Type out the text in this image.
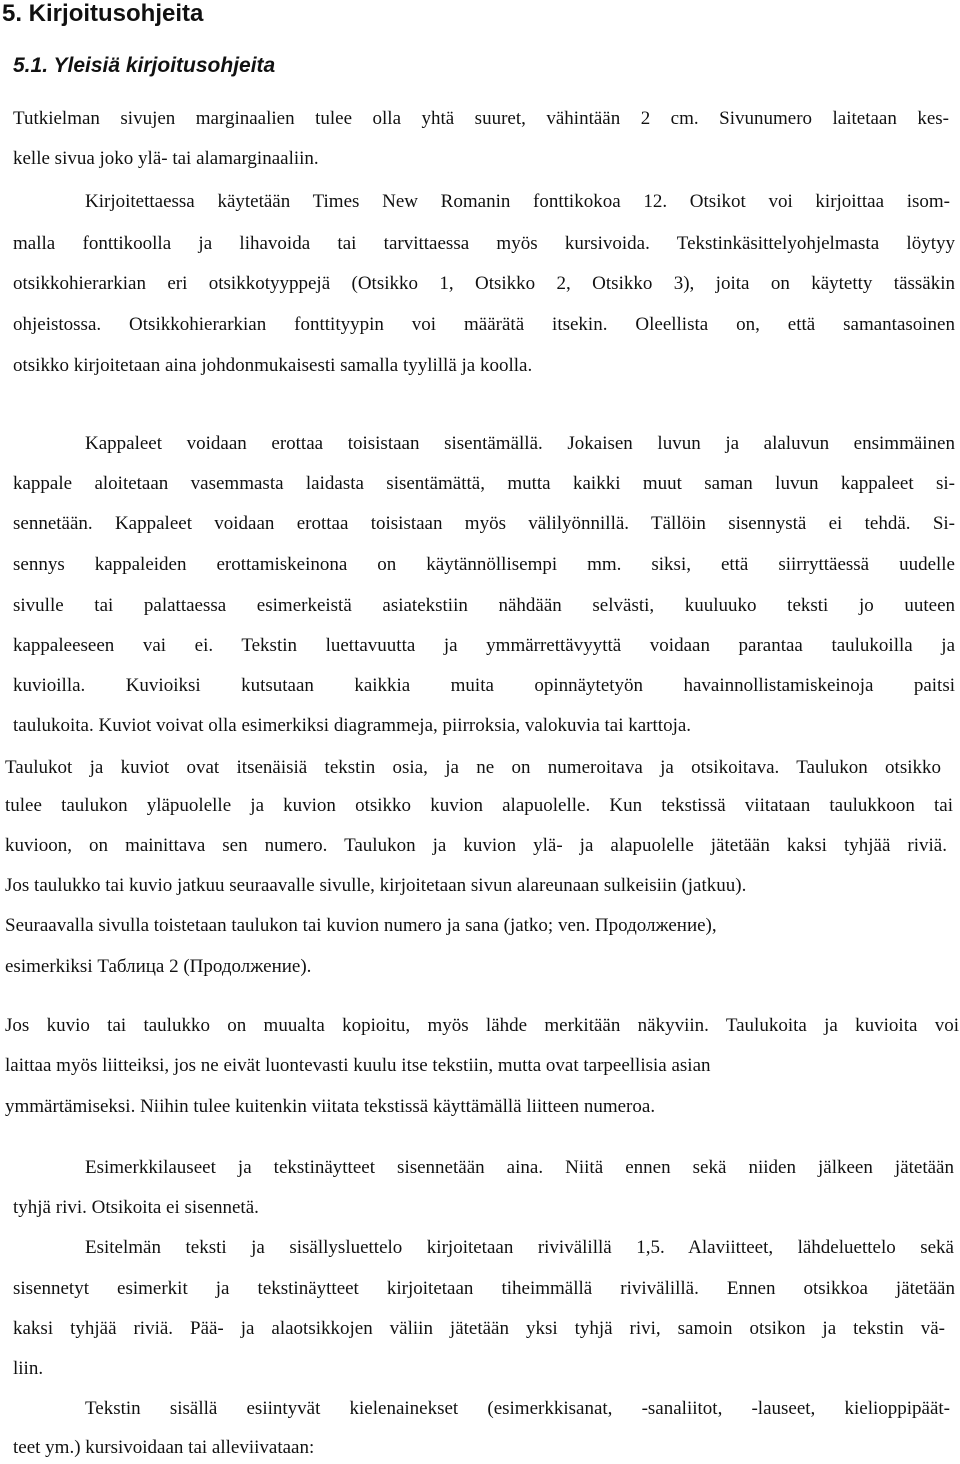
5. Kirjoitusohjeita
5.1. Yleisiä kirjoitusohjeita
Tutkielman sivujen marginaalien tulee olla yhtä suuret, vähintään 2 cm. Sivunumero laitetaan kes-
kelle sivua joko ylä- tai alamarginaaliin.
Kirjoitettaessa käytetään Times New Romanin fonttikokoa 12. Otsikot voi kirjoittaa isom-
malla fonttikoolla ja lihavoida tai tarvittaessa myös kursivoida. Tekstinkäsittelyohjelmasta löytyy
otsikkohierarkian eri otsikkotyyppejä (Otsikko 1, Otsikko 2, Otsikko 3), joita on käytetty tässäkin
ohjeistossa. Otsikkohierarkian fonttityypin voi määrätä itsekin. Oleellista on, että samantasoinen
otsikko kirjoitetaan aina johdonmukaisesti samalla tyylillä ja koolla.
Kappaleet voidaan erottaa toisistaan sisentämällä. Jokaisen luvun ja alaluvun ensimmäinen
kappale aloitetaan vasemmasta laidasta sisentämättä, mutta kaikki muut saman luvun kappaleet si-
sennetään. Kappaleet voidaan erottaa toisistaan myös välilyönnillä. Tällöin sisennystä ei tehdä. Si-
sennys kappaleiden erottamiskeinona on käytännöllisempi mm. siksi, että siirryttäessä uudelle
sivulle tai palattaessa esimerkeistä asiatekstiin nähdään selvästi, kuuluuko teksti jo uuteen
kappaleeseen vai ei. Tekstin luettavuutta ja ymmärrettävyyttä voidaan parantaa taulukoilla ja
kuvioilla. Kuvioiksi kutsutaan kaikkia muita opinnäytetyön havainnollistamiskeinoja paitsi
taulukoita. Kuviot voivat olla esimerkiksi diagrammeja, piirroksia, valokuvia tai karttoja.
Taulukot ja kuviot ovat itsenäisiä tekstin osia, ja ne on numeroitava ja otsikoitava. Taulukon otsikko
tulee taulukon yläpuolelle ja kuvion otsikko kuvion alapuolelle. Kun tekstissä viitataan taulukkoon tai
kuvioon, on mainittava sen numero. Taulukon ja kuvion ylä- ja alapuolelle jätetään kaksi tyhjää riviä.
Jos taulukko tai kuvio jatkuu seuraavalle sivulle, kirjoitetaan sivun alareunaan sulkeisiin (jatkuu).
Seuraavalla sivulla toistetaan taulukon tai kuvion numero ja sana (jatko; ven. Продолжение),
esimerkiksi Таблица 2 (Продолжение).
Jos kuvio tai taulukko on muualta kopioitu, myös lähde merkitään näkyviin. Taulukoita ja kuvioita voi
laittaa myös liitteiksi, jos ne eivät luontevasti kuulu itse tekstiin, mutta ovat tarpeellisia asian
ymmärtämiseksi. Niihin tulee kuitenkin viitata tekstissä käyttämällä liitteen numeroa.
Esimerkkilauseet ja tekstinäytteet sisennetään aina. Niitä ennen sekä niiden jälkeen jätetään
tyhjä rivi. Otsikoita ei sisennetä.
Esitelmän teksti ja sisällysluettelo kirjoitetaan rivivälillä 1,5. Alaviitteet, lähdeluettelo sekä
sisennetyt esimerkit ja tekstinäytteet kirjoitetaan tiheimmällä rivivälillä. Ennen otsikkoa jätetään
kaksi tyhjää riviä. Pää- ja alaotsikkojen väliin jätetään yksi tyhjä rivi, samoin otsikon ja tekstin vä-
liin.
Tekstin sisällä esiintyvät kielenainekset (esimerkkisanat, -sanaliitot, -lauseet, kielioppipäät-
teet ym.) kursivoidaan tai alleviivataan:
